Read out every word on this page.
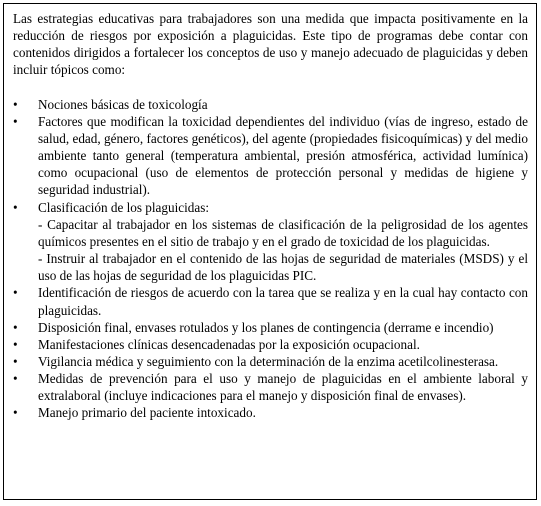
Las estrategias educativas para trabajadores son una medida que impacta positivamente en la reducción de riesgos por exposición a plaguicidas. Este tipo de programas debe contar con contenidos dirigidos a fortalecer los conceptos de uso y manejo adecuado de plaguicidas y deben incluir tópicos como:

•	Nociones básicas de toxicología
•	Factores que modifican la toxicidad dependientes del individuo (vías de ingreso, estado de salud, edad, género, factores genéticos), del agente (propiedades fisicoquímicas) y del medio ambiente tanto general (temperatura ambiental, presión atmosférica, actividad lumínica) como ocupacional (uso de elementos de protección personal y medidas de higiene y seguridad industrial).
•	Clasificación de los plaguicidas:
- Capacitar al trabajador en los sistemas de clasificación de la peligrosidad de los agentes químicos presentes en el sitio de trabajo y en el grado de toxicidad de los plaguicidas.
- Instruir al trabajador en el contenido de las hojas de seguridad de materiales (MSDS) y el uso de las hojas de seguridad de los plaguicidas PIC.
•	Identificación de riesgos de acuerdo con la tarea que se realiza y en la cual hay contacto con plaguicidas.
•	Disposición final, envases rotulados y los planes de contingencia (derrame e incendio)
•	Manifestaciones clínicas desencadenadas por la exposición ocupacional.
•	Vigilancia médica y seguimiento con la determinación de la enzima acetilcolinesterasa.
•	Medidas de prevención para el uso y manejo de plaguicidas en el ambiente laboral y extralaboral (incluye indicaciones para el manejo y disposición final de envases).
•	Manejo primario del paciente intoxicado.
